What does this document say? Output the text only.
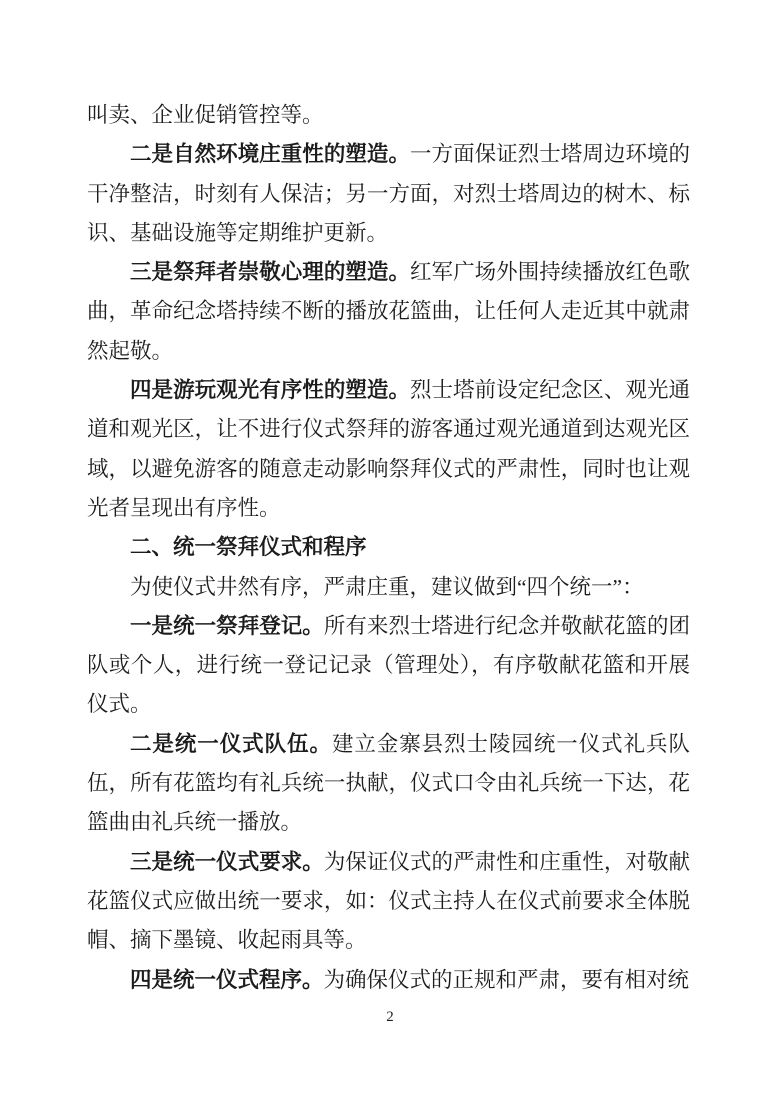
叫卖、企业促销管控等。

二是自然环境庄重性的塑造。一方面保证烈士塔周边环境的干净整洁，时刻有人保洁；另一方面，对烈士塔周边的树木、标识、基础设施等定期维护更新。

三是祭拜者崇敬心理的塑造。红军广场外围持续播放红色歌曲，革命纪念塔持续不断的播放花篮曲，让任何人走近其中就肃然起敬。

四是游玩观光有序性的塑造。烈士塔前设定纪念区、观光通道和观光区，让不进行仪式祭拜的游客通过观光通道到达观光区域，以避免游客的随意走动影响祭拜仪式的严肃性，同时也让观光者呈现出有序性。

二、统一祭拜仪式和程序

为使仪式井然有序，严肃庄重，建议做到“四个统一”：

一是统一祭拜登记。所有来烈士塔进行纪念并敬献花篮的团队或个人，进行统一登记记录（管理处），有序敬献花篮和开展仪式。

二是统一仪式队伍。建立金寨县烈士陵园统一仪式礼兵队伍，所有花篮均有礼兵统一执献，仪式口令由礼兵统一下达，花篮曲由礼兵统一播放。

三是统一仪式要求。为保证仪式的严肃性和庄重性，对敬献花篮仪式应做出统一要求，如：仪式主持人在仪式前要求全体脱帽、摘下墨镜、收起雨具等。

四是统一仪式程序。为确保仪式的正规和严肃，要有相对统

2
